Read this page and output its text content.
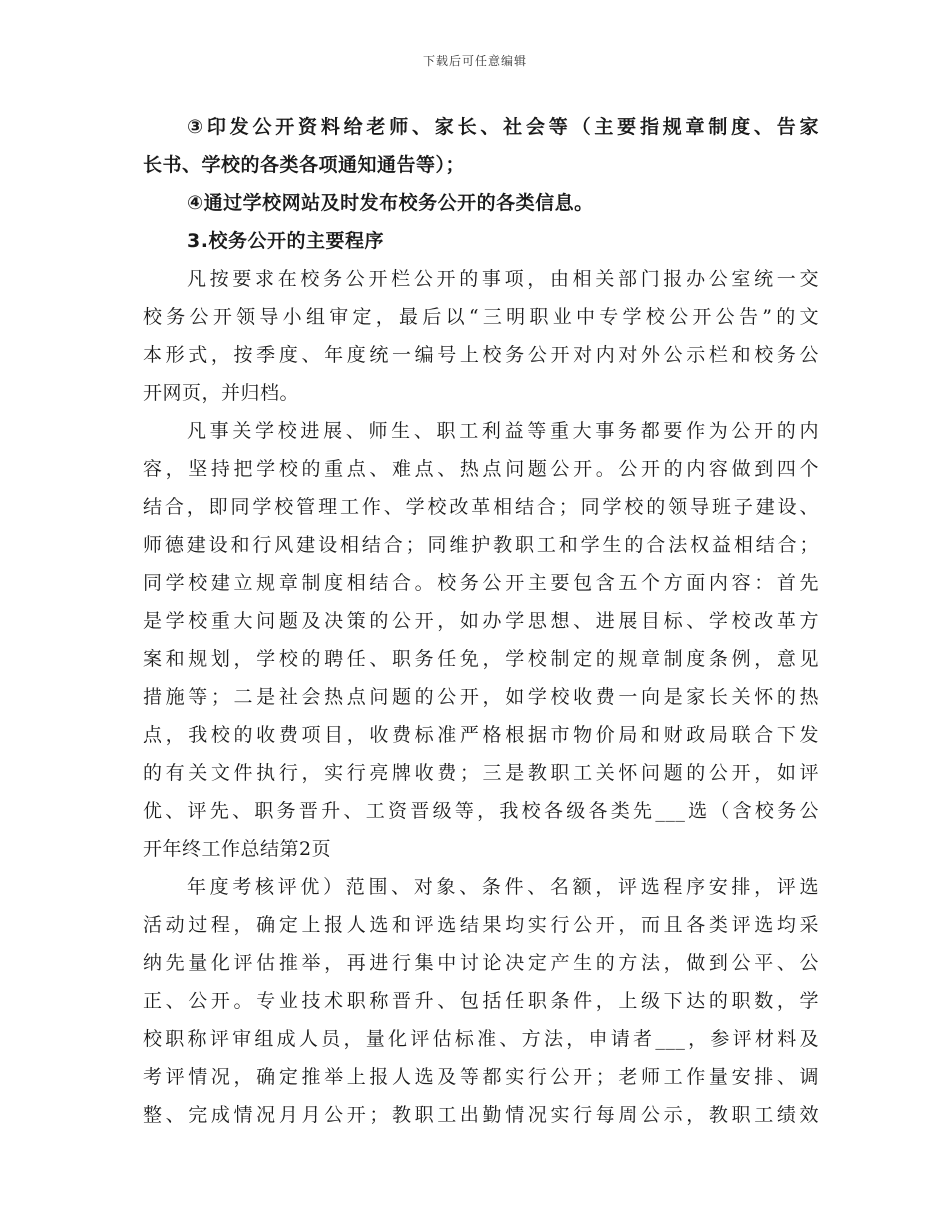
下载后可任意编辑
③印发公开资料给老师、家长、社会等（主要指规章制度、告家
长书、学校的各类各项通知通告等）；
④通过学校网站及时发布校务公开的各类信息。
3.校务公开的主要程序
凡按要求在校务公开栏公开的事项，由相关部门报办公室统一交
校务公开领导小组审定，最后以“三明职业中专学校公开公告”的文
本形式，按季度、年度统一编号上校务公开对内对外公示栏和校务公
开网页，并归档。
凡事关学校进展、师生、职工利益等重大事务都要作为公开的内
容，坚持把学校的重点、难点、热点问题公开。公开的内容做到四个
结合，即同学校管理工作、学校改革相结合；同学校的领导班子建设、
师德建设和行风建设相结合；同维护教职工和学生的合法权益相结合；
同学校建立规章制度相结合。校务公开主要包含五个方面内容：首先
是学校重大问题及决策的公开，如办学思想、进展目标、学校改革方
案和规划，学校的聘任、职务任免，学校制定的规章制度条例，意见
措施等；二是社会热点问题的公开，如学校收费一向是家长关怀的热
点，我校的收费项目，收费标准严格根据市物价局和财政局联合下发
的有关文件执行，实行亮牌收费；三是教职工关怀问题的公开，如评
优、评先、职务晋升、工资晋级等，我校各级各类先___选（含校务公
开年终工作总结第2页
年度考核评优）范围、对象、条件、名额，评选程序安排，评选
活动过程，确定上报人选和评选结果均实行公开，而且各类评选均采
纳先量化评估推举，再进行集中讨论决定产生的方法，做到公平、公
正、公开。专业技术职称晋升、包括任职条件，上级下达的职数，学
校职称评审组成人员，量化评估标准、方法，申请者___，参评材料及
考评情况，确定推举上报人选及等都实行公开；老师工作量安排、调
整、完成情况月月公开；教职工出勤情况实行每周公示，教职工绩效
